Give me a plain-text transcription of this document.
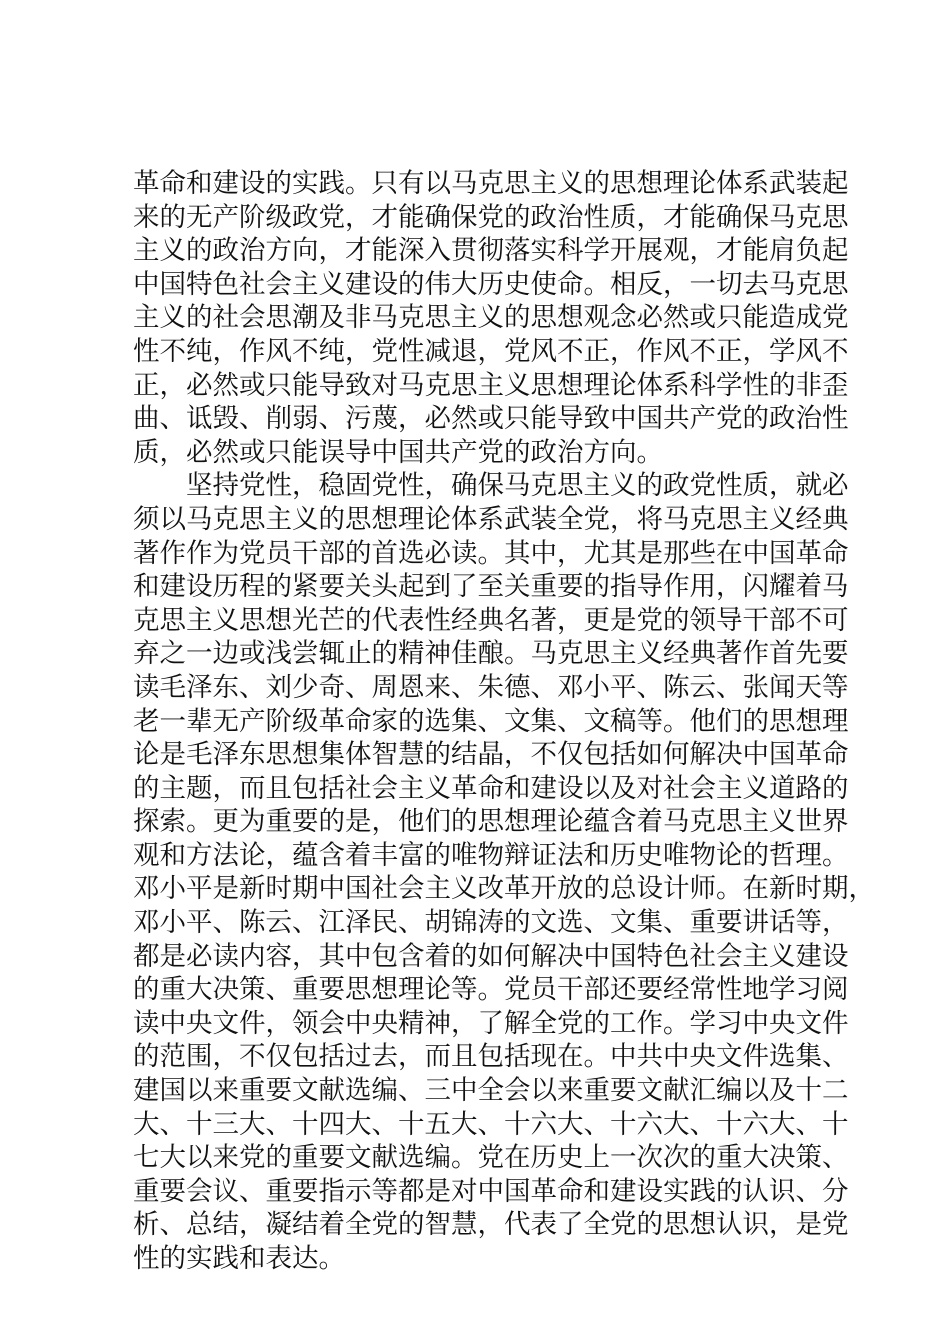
革命和建设的实践。只有以马克思主义的思想理论体系武装起
来的无产阶级政党，才能确保党的政治性质，才能确保马克思
主义的政治方向，才能深入贯彻落实科学开展观，才能肩负起
中国特色社会主义建设的伟大历史使命。相反，一切去马克思
主义的社会思潮及非马克思主义的思想观念必然或只能造成党
性不纯，作风不纯，党性减退，党风不正，作风不正，学风不
正，必然或只能导致对马克思主义思想理论体系科学性的非歪
曲、诋毁、削弱、污蔑，必然或只能导致中国共产党的政治性
质，必然或只能误导中国共产党的政治方向。
　　坚持党性，稳固党性，确保马克思主义的政党性质，就必
须以马克思主义的思想理论体系武装全党，将马克思主义经典
著作作为党员干部的首选必读。其中，尤其是那些在中国革命
和建设历程的紧要关头起到了至关重要的指导作用，闪耀着马
克思主义思想光芒的代表性经典名著，更是党的领导干部不可
弃之一边或浅尝辄止的精神佳酿。马克思主义经典著作首先要
读毛泽东、刘少奇、周恩来、朱德、邓小平、陈云、张闻天等
老一辈无产阶级革命家的选集、文集、文稿等。他们的思想理
论是毛泽东思想集体智慧的结晶，不仅包括如何解决中国革命
的主题，而且包括社会主义革命和建设以及对社会主义道路的
探索。更为重要的是，他们的思想理论蕴含着马克思主义世界
观和方法论，蕴含着丰富的唯物辩证法和历史唯物论的哲理。
邓小平是新时期中国社会主义改革开放的总设计师。在新时期，
邓小平、陈云、江泽民、胡锦涛的文选、文集、重要讲话等，
都是必读内容，其中包含着的如何解决中国特色社会主义建设
的重大决策、重要思想理论等。党员干部还要经常性地学习阅
读中央文件，领会中央精神，了解全党的工作。学习中央文件
的范围，不仅包括过去，而且包括现在。中共中央文件选集、
建国以来重要文献选编、三中全会以来重要文献汇编以及十二
大、十三大、十四大、十五大、十六大、十六大、十六大、十
七大以来党的重要文献选编。党在历史上一次次的重大决策、
重要会议、重要指示等都是对中国革命和建设实践的认识、分
析、总结，凝结着全党的智慧，代表了全党的思想认识，是党
性的实践和表达。
